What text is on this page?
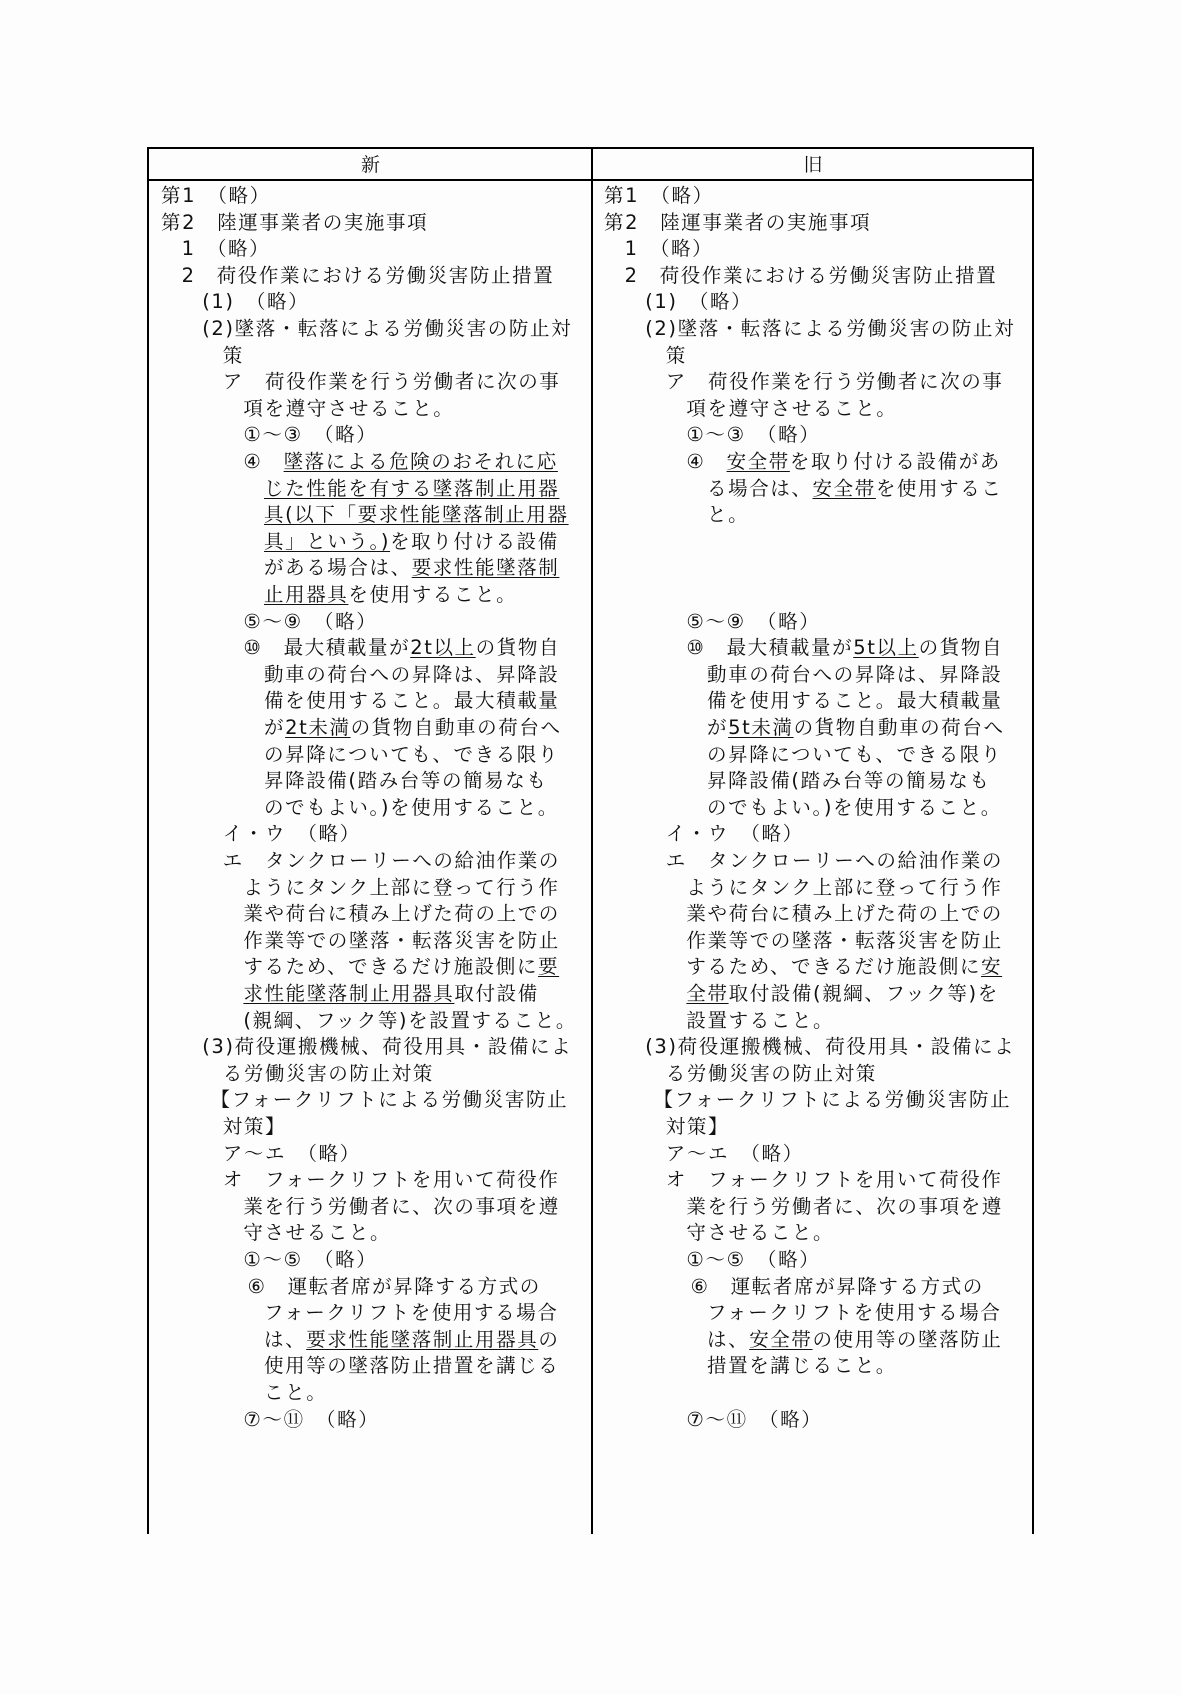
新	旧
第1　（略）
第2　陸運事業者の実施事項
1　（略）
2　荷役作業における労働災害防止措置
(1)　（略）
(2)墜落・転落による労働災害の防止対
策
ア　荷役作業を行う労働者に次の事
項を遵守させること。
①～③　（略）
④　墜落による危険のおそれに応
じた性能を有する墜落制止用器
具(以下「要求性能墜落制止用器
具」という。)を取り付ける設備
がある場合は、要求性能墜落制
止用器具を使用すること。
⑤～⑨　（略）
⑩　最大積載量が2t以上の貨物自
動車の荷台への昇降は、昇降設
備を使用すること。最大積載量
が2t未満の貨物自動車の荷台へ
の昇降についても、できる限り
昇降設備(踏み台等の簡易なも
のでもよい。)を使用すること。
イ・ウ　（略）
エ　タンクローリーへの給油作業の
ようにタンク上部に登って行う作
業や荷台に積み上げた荷の上での
作業等での墜落・転落災害を防止
するため、できるだけ施設側に要
求性能墜落制止用器具取付設備
(親綱、フック等)を設置すること。
(3)荷役運搬機械、荷役用具・設備によ
る労働災害の防止対策
【フォークリフトによる労働災害防止
対策】
ア～エ　（略）
オ　フォークリフトを用いて荷役作
業を行う労働者に、次の事項を遵
守させること。
①～⑤　（略）
⑥　運転者席が昇降する方式の
フォークリフトを使用する場合
は、要求性能墜落制止用器具の
使用等の墜落防止措置を講じる
こと。
⑦～⑪　（略）
第1　（略）
第2　陸運事業者の実施事項
1　（略）
2　荷役作業における労働災害防止措置
(1)　（略）
(2)墜落・転落による労働災害の防止対
策
ア　荷役作業を行う労働者に次の事
項を遵守させること。
①～③　（略）
④　安全帯を取り付ける設備があ
る場合は、安全帯を使用するこ
と。
⑤～⑨　（略）
⑩　最大積載量が5t以上の貨物自
動車の荷台への昇降は、昇降設
備を使用すること。最大積載量
が5t未満の貨物自動車の荷台へ
の昇降についても、できる限り
昇降設備(踏み台等の簡易なも
のでもよい。)を使用すること。
イ・ウ　（略）
エ　タンクローリーへの給油作業の
ようにタンク上部に登って行う作
業や荷台に積み上げた荷の上での
作業等での墜落・転落災害を防止
するため、できるだけ施設側に安
全帯取付設備(親綱、フック等)を
設置すること。
(3)荷役運搬機械、荷役用具・設備によ
る労働災害の防止対策
【フォークリフトによる労働災害防止
対策】
ア～エ　（略）
オ　フォークリフトを用いて荷役作
業を行う労働者に、次の事項を遵
守させること。
①～⑤　（略）
⑥　運転者席が昇降する方式の
フォークリフトを使用する場合
は、安全帯の使用等の墜落防止
措置を講じること。
⑦～⑪　（略）
